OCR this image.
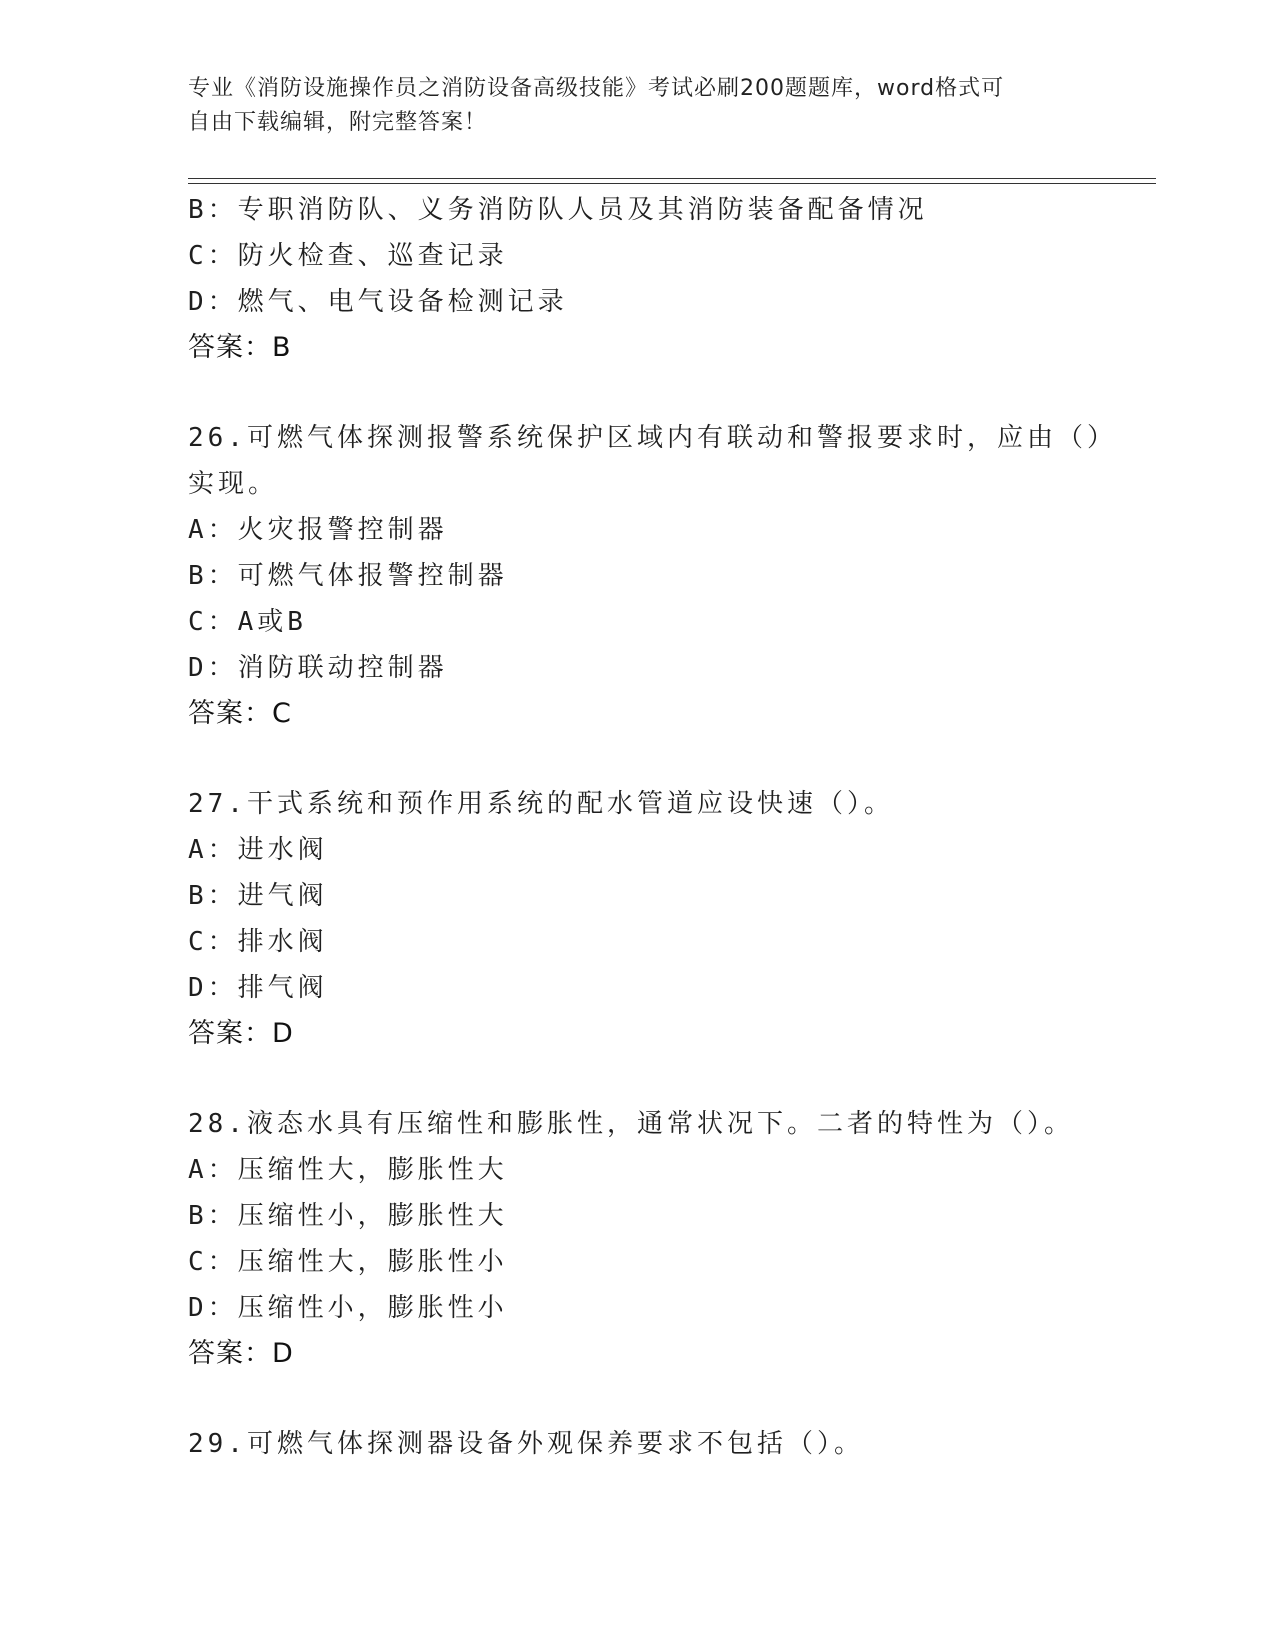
专业《消防设施操作员之消防设备高级技能》考试必刷200题题库，word格式可
自由下载编辑，附完整答案！
B：专职消防队、义务消防队人员及其消防装备配备情况
C：防火检查、巡查记录
D：燃气、电气设备检测记录
答案：B
26.可燃气体探测报警系统保护区域内有联动和警报要求时，应由（）
实现。
A：火灾报警控制器
B：可燃气体报警控制器
C：A或B
D：消防联动控制器
答案：C
27.干式系统和预作用系统的配水管道应设快速（）。
A：进水阀
B：进气阀
C：排水阀
D：排气阀
答案：D
28.液态水具有压缩性和膨胀性，通常状况下。二者的特性为（）。
A：压缩性大，膨胀性大
B：压缩性小，膨胀性大
C：压缩性大，膨胀性小
D：压缩性小，膨胀性小
答案：D
29.可燃气体探测器设备外观保养要求不包括（）。
